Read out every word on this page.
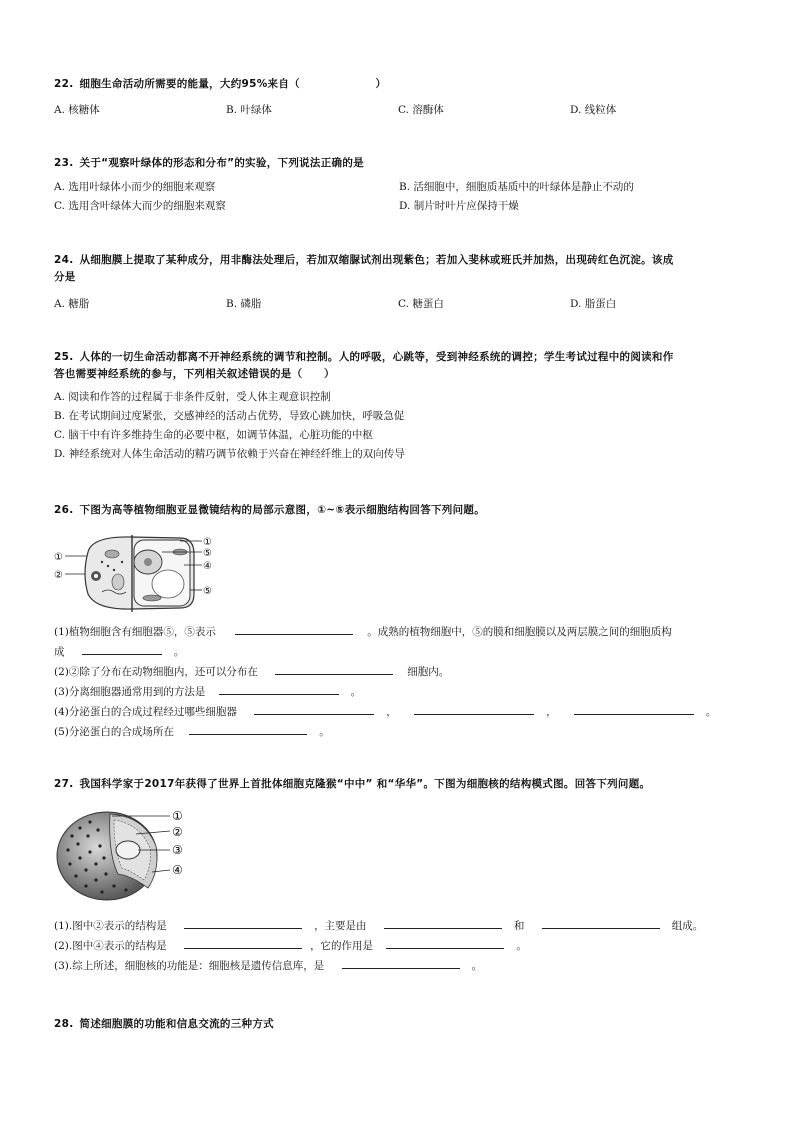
22. 细胞生命活动所需要的能量，大约95%来自（　　　　　　　）
A. 核糖体	B. 叶绿体	C. 溶酶体	D. 线粒体
23. 关于“观察叶绿体的形态和分布”的实验，下列说法正确的是
A. 选用叶绿体小而少的细胞来观察	B. 活细胞中，细胞质基质中的叶绿体是静止不动的
C. 选用含叶绿体大而少的细胞来观察	D. 制片时叶片应保持干燥
24. 从细胞膜上提取了某种成分，用非酶法处理后，若加双缩脲试剂出现紫色；若加入斐林或班氏并加热，出现砖红色沉淀。该成
分是
A. 糖脂	B. 磷脂	C. 糖蛋白	D. 脂蛋白
25. 人体的一切生命活动都离不开神经系统的调节和控制。人的呼吸，心跳等，受到神经系统的调控；学生考试过程中的阅读和作
答也需要神经系统的参与，下列相关叙述错误的是（　　）
A. 阅读和作答的过程属于非条件反射，受人体主观意识控制
B. 在考试期间过度紧张，交感神经的活动占优势，导致心跳加快，呼吸急促
C. 脑干中有许多维持生命的必要中枢，如调节体温，心脏功能的中枢
D. 神经系统对人体生命活动的精巧调节依赖于兴奋在神经纤维上的双向传导
26. 下图为高等植物细胞亚显微镜结构的局部示意图，①~⑤表示细胞结构回答下列问题。
①
②
①
⑤
④
⑤
(1)植物细胞含有细胞器⑤，⑤表示	。成熟的植物细胞中，⑤的膜和细胞膜以及两层膜之间的细胞质构
成	。
(2)②除了分布在动物细胞内，还可以分布在	细胞内。
(3)分离细胞器通常用到的方法是	。
(4)分泌蛋白的合成过程经过哪些细胞器	，	，	。
(5)分泌蛋白的合成场所在	。
27. 我国科学家于2017年获得了世界上首批体细胞克隆猴“中中” 和“华华”。下图为细胞核的结构模式图。回答下列问题。
①
②
③
④
(1).图中②表示的结构是	，主要是由	和	组成。
(2).图中④表示的结构是	，它的作用是	。
(3).综上所述，细胞核的功能是：细胞核是遗传信息库，是	。
28. 简述细胞膜的功能和信息交流的三种方式
